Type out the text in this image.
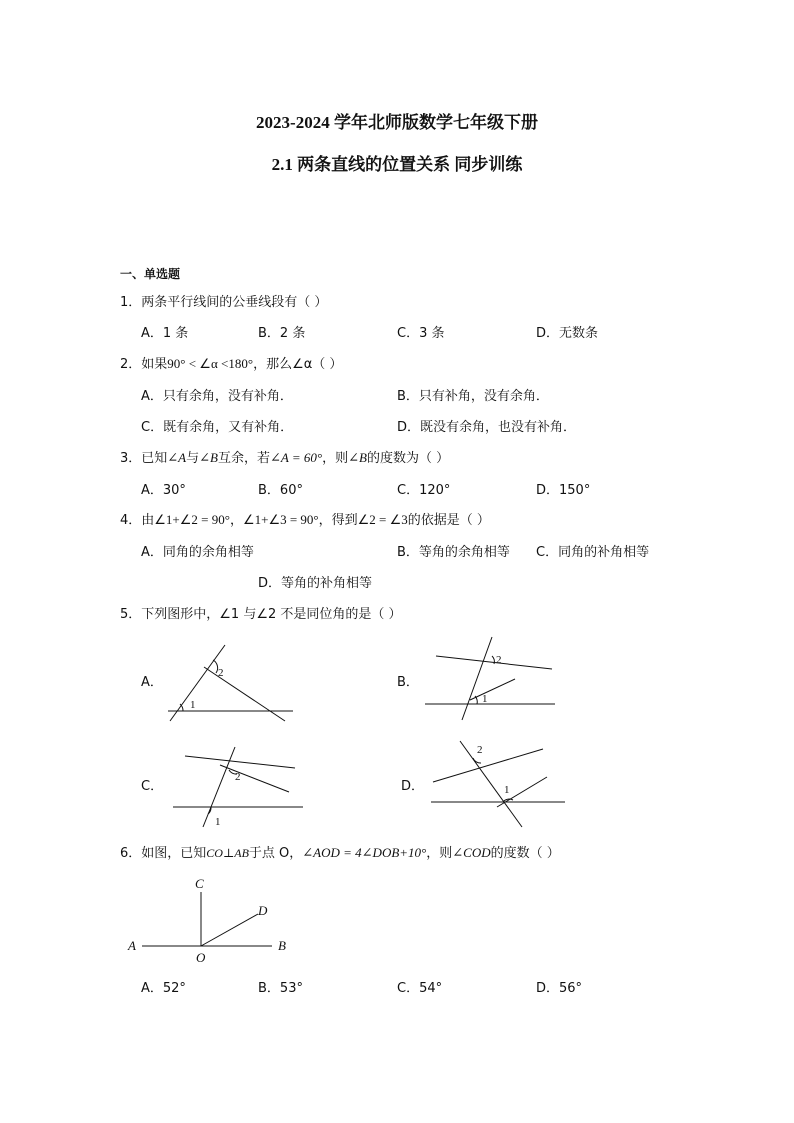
2023-2024 学年北师版数学七年级下册
2.1 两条直线的位置关系 同步训练
一、单选题
1．两条平行线间的公垂线段有（ ）
A．1 条	B．2 条	C．3 条	D．无数条
2．如果90° < ∠α <180°，那么∠α（ ）
A．只有余角，没有补角．	B．只有补角，没有余角．
C．既有余角，又有补角．	D．既没有余角，也没有补角．
3．已知∠A与∠B互余，若∠A = 60°，则∠B的度数为（ ）
A．30°	B．60°	C．120°	D．150°
4．由∠1+∠2 = 90°，∠1+∠3 = 90°，得到∠2 = ∠3的依据是（ ）
A．同角的余角相等	B．等角的余角相等 C．同角的补角相等
D．等角的补角相等
5．下列图形中，∠1 与∠2 不是同位角的是（ ）
A．
1
2
B．
1
2
C．
2
1
D．
2
1
6．如图，已知CO⊥AB于点 O，∠AOD = 4∠DOB+10°，则∠COD的度数（ ）
C
D
A	B
O
A．52°	B．53°	C．54°	D．56°
